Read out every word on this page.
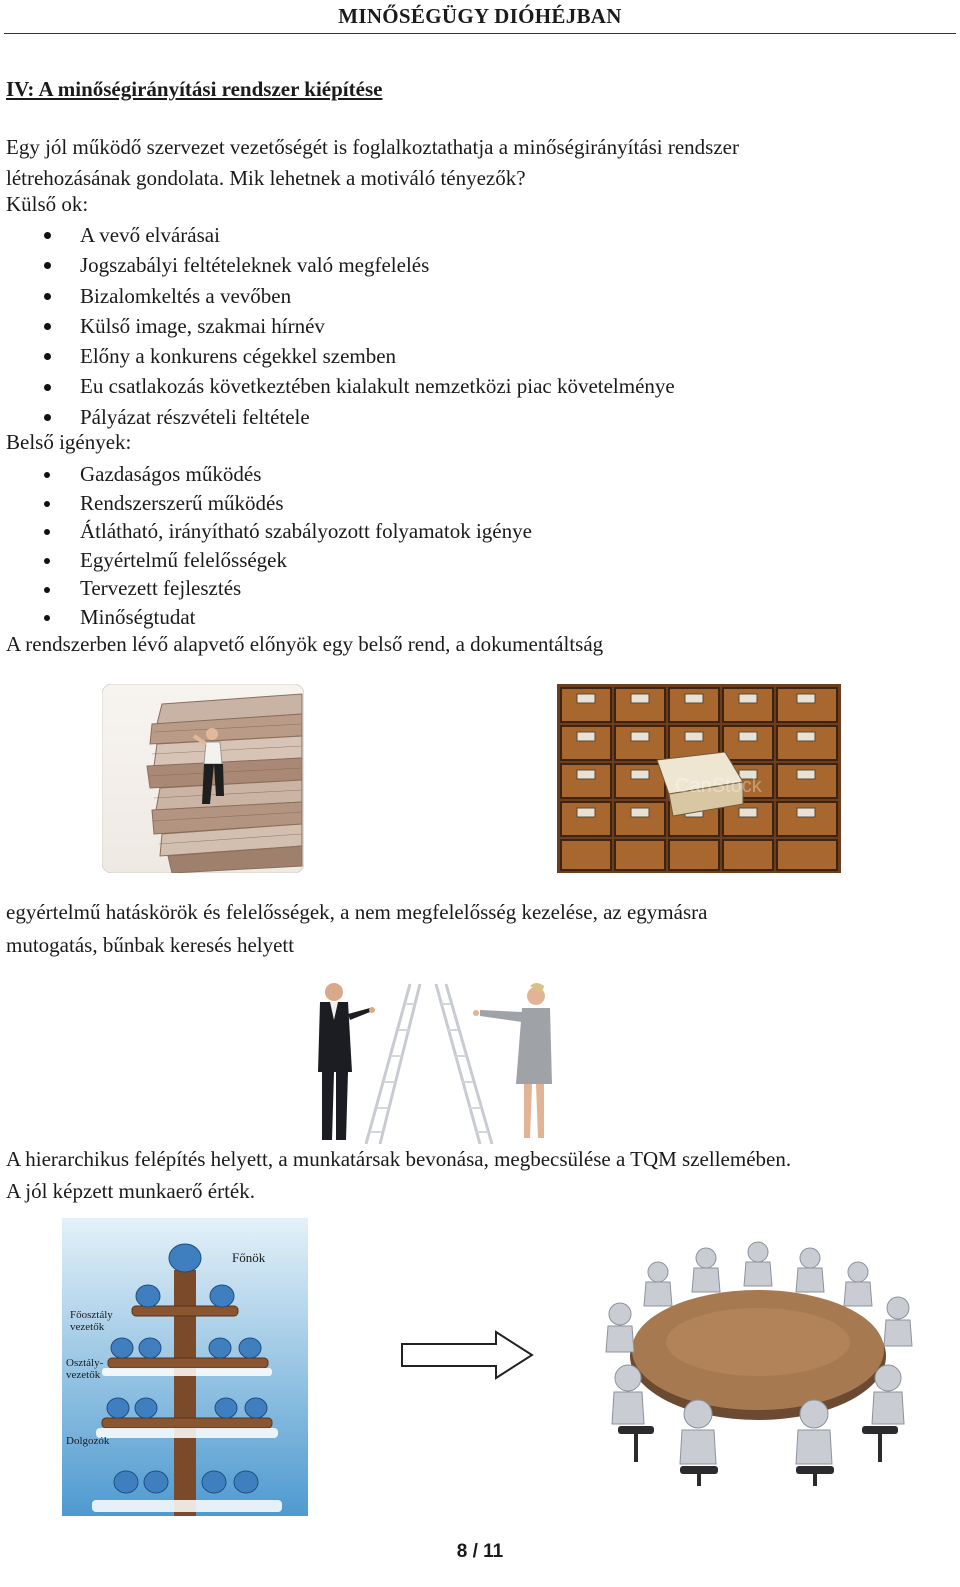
MINŐSÉGÜGY DIÓHÉJBAN
IV: A minőségirányítási rendszer kiépítése
Egy jól működő szervezet vezetőségét is foglalkoztathatja a minőségirányítási rendszer
létrehozásának gondolata. Mik lehetnek a motiváló tényezők?
Külső ok:
A vevő elvárásai
Jogszabályi feltételeknek való megfelelés
Bizalomkeltés a vevőben
Külső image, szakmai hírnév
Előny a konkurens cégekkel szemben
Eu csatlakozás következtében kialakult nemzetközi piac követelménye
Pályázat részvételi feltétele
Belső igények:
Gazdaságos működés
Rendszerszerű működés
Átlátható, irányítható szabályozott folyamatok igénye
Egyértelmű felelősségek
Tervezett fejlesztés
Minőségtudat
A rendszerben lévő alapvető előnyök egy belső rend, a dokumentáltság
CanStock
egyértelmű hatáskörök és felelősségek, a nem megfelelősség kezelése, az egymásra
mutogatás, bűnbak keresés helyett
A hierarchikus felépítés helyett, a munkatársak bevonása, megbecsülése a TQM szellemében.
A jól képzett munkaerő érték.
Főnök
Főosztály
vezetők
Osztály-
vezetők
Dolgozók
8 / 11
